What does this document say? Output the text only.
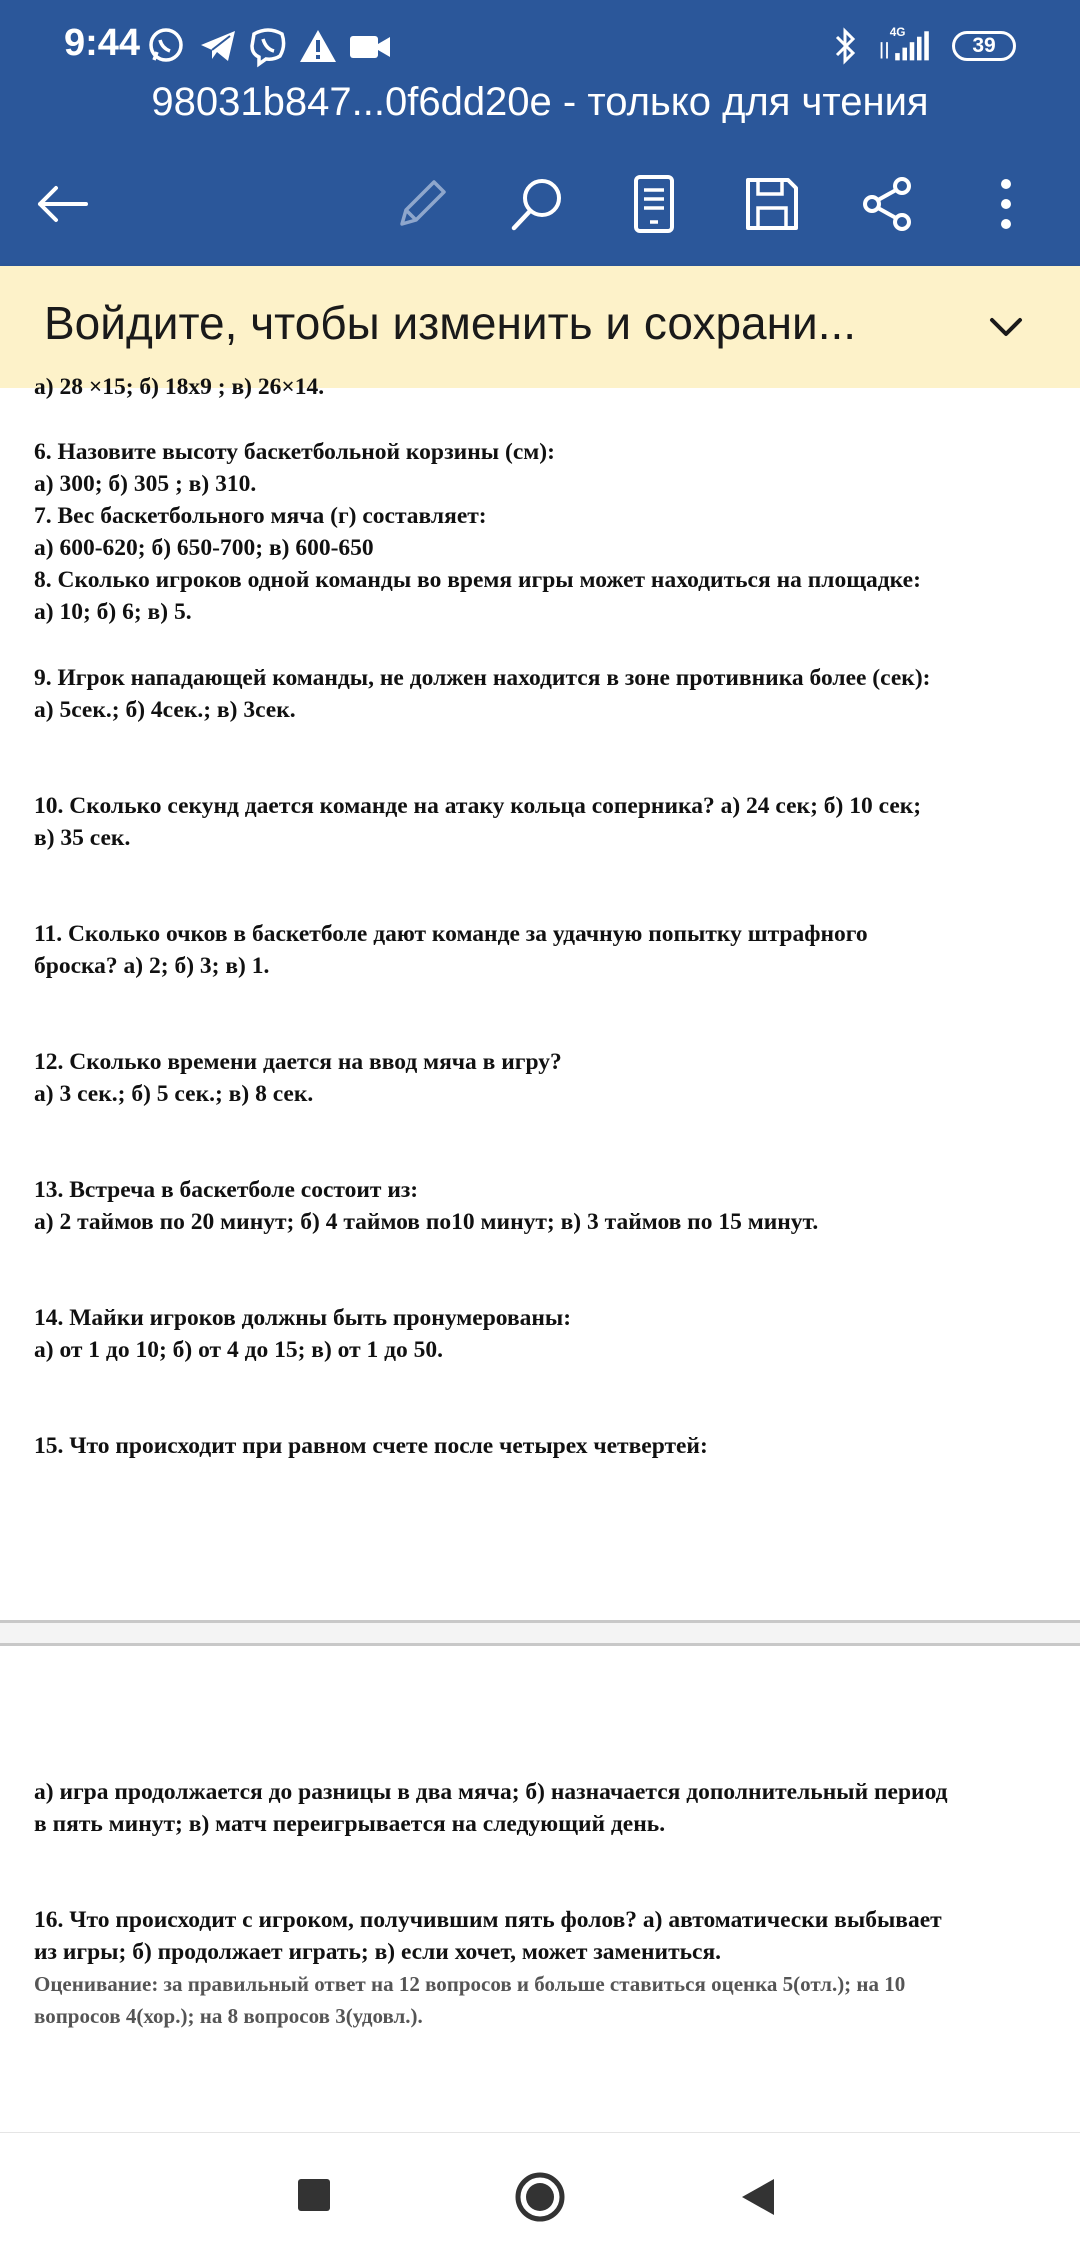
9:44	4G
39
98031b847...0f6dd20e - только для чтения
Войдите, чтобы изменить и сохрани...
а) 28 ×15; б) 18х9 ; в) 26×14.
6. Назовите высоту баскетбольной корзины (см):
а) 300; б) 305 ; в) 310.
7. Вес баскетбольного мяча (г) составляет:
а) 600-620; б) 650-700; в) 600-650
8. Сколько игроков одной команды во время игры может находиться на площадке:
а) 10; б) 6; в) 5.
9. Игрок нападающей команды, не должен находится в зоне противника более (сек):
а) 5сек.; б) 4сек.; в) 3сек.
10. Сколько секунд дается команде на атаку кольца соперника? а) 24 сек; б) 10 сек;
в) 35 сек.
11. Сколько очков в баскетболе дают команде за удачную попытку штрафного
броска? а) 2; б) 3; в) 1.
12. Сколько времени дается на ввод мяча в игру?
а) 3 сек.; б) 5 сек.; в) 8 сек.
13. Встреча в баскетболе состоит из:
а) 2 таймов по 20 минут; б) 4 таймов по10 минут; в) 3 таймов по 15 минут.
14. Майки игроков должны быть пронумерованы:
а) от 1 до 10; б) от 4 до 15; в) от 1 до 50.
15. Что происходит при равном счете после четырех четвертей:
а) игра продолжается до разницы в два мяча; б) назначается дополнительный период
в пять минут; в) матч переигрывается на следующий день.
16. Что происходит с игроком, получившим пять фолов? а) автоматически выбывает
из игры; б) продолжает играть; в) если хочет, может замениться.
Оценивание: за правильный ответ на 12 вопросов и больше ставиться оценка 5(отл.); на 10
вопросов 4(хор.); на 8 вопросов 3(удовл.).
